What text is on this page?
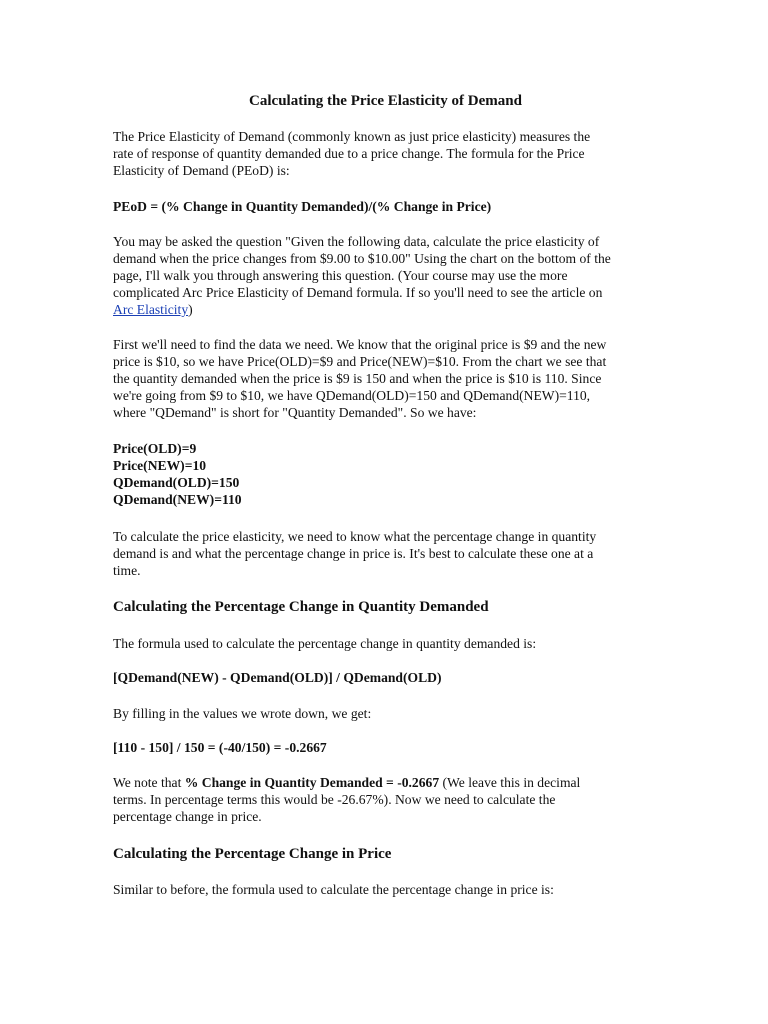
Calculating the Price Elasticity of Demand

The Price Elasticity of Demand (commonly known as just price elasticity) measures the
rate of response of quantity demanded due to a price change. The formula for the Price
Elasticity of Demand (PEoD) is:

PEoD = (% Change in Quantity Demanded)/(% Change in Price)

You may be asked the question "Given the following data, calculate the price elasticity of
demand when the price changes from $9.00 to $10.00" Using the chart on the bottom of the
page, I'll walk you through answering this question. (Your course may use the more
complicated Arc Price Elasticity of Demand formula. If so you'll need to see the article on
Arc Elasticity)

First we'll need to find the data we need. We know that the original price is $9 and the new
price is $10, so we have Price(OLD)=$9 and Price(NEW)=$10. From the chart we see that
the quantity demanded when the price is $9 is 150 and when the price is $10 is 110. Since
we're going from $9 to $10, we have QDemand(OLD)=150 and QDemand(NEW)=110,
where "QDemand" is short for "Quantity Demanded". So we have:

Price(OLD)=9
Price(NEW)=10
QDemand(OLD)=150
QDemand(NEW)=110

To calculate the price elasticity, we need to know what the percentage change in quantity
demand is and what the percentage change in price is. It's best to calculate these one at a
time.

Calculating the Percentage Change in Quantity Demanded

The formula used to calculate the percentage change in quantity demanded is:

[QDemand(NEW) - QDemand(OLD)] / QDemand(OLD)

By filling in the values we wrote down, we get:

[110 - 150] / 150 = (-40/150) = -0.2667

We note that % Change in Quantity Demanded = -0.2667 (We leave this in decimal
terms. In percentage terms this would be -26.67%). Now we need to calculate the
percentage change in price.

Calculating the Percentage Change in Price

Similar to before, the formula used to calculate the percentage change in price is:
